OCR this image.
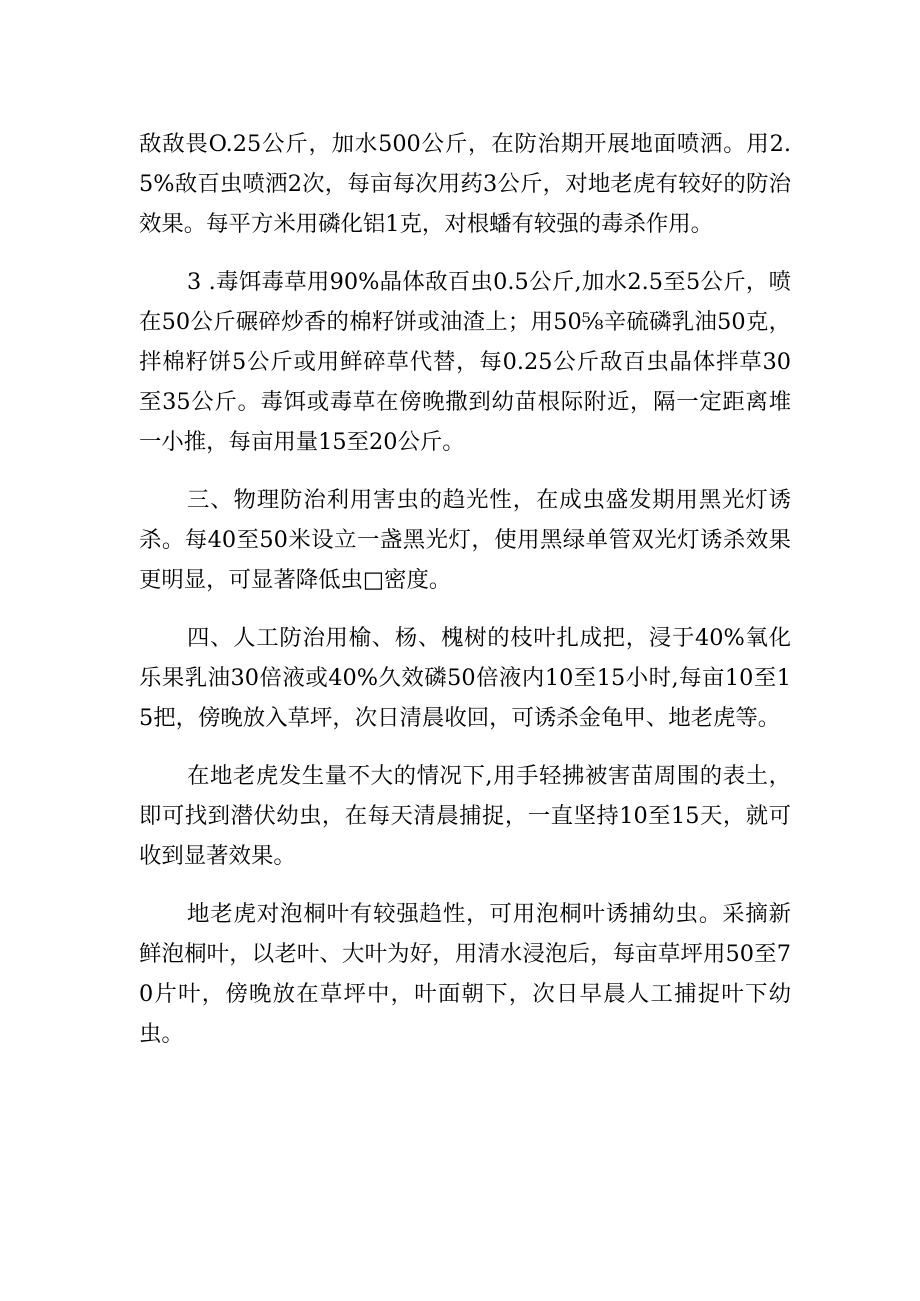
敌敌畏O.25公斤，加水500公斤，在防治期开展地面喷洒。用2.5%敌百虫喷洒2次，每亩每次用药3公斤，对地老虎有较好的防治效果。每平方米用磷化铝1克，对根蟠有较强的毒杀作用。

3 .毒饵毒草用90%晶体敌百虫0.5公斤,加水2.5至5公斤，喷在50公斤碾碎炒香的棉籽饼或油渣上；用50⅝辛硫磷乳油50克，拌棉籽饼5公斤或用鲜碎草代替，每0.25公斤敌百虫晶体拌草30至35公斤。毒饵或毒草在傍晚撒到幼苗根际附近，隔一定距离堆一小推，每亩用量15至20公斤。

三、物理防治利用害虫的趋光性，在成虫盛发期用黑光灯诱杀。每40至50米设立一盏黑光灯，使用黑绿单管双光灯诱杀效果更明显，可显著降低虫□密度。

四、人工防治用榆、杨、槐树的枝叶扎成把，浸于40%氧化乐果乳油30倍液或40%久效磷50倍液内10至15小时,每亩10至15把，傍晚放入草坪，次日清晨收回，可诱杀金龟甲、地老虎等。

在地老虎发生量不大的情况下,用手轻拂被害苗周围的表土，即可找到潜伏幼虫，在每天清晨捕捉，一直坚持10至15天，就可收到显著效果。

地老虎对泡桐叶有较强趋性，可用泡桐叶诱捕幼虫。采摘新鲜泡桐叶，以老叶、大叶为好，用清水浸泡后，每亩草坪用50至70片叶，傍晚放在草坪中，叶面朝下，次日早晨人工捕捉叶下幼虫。
